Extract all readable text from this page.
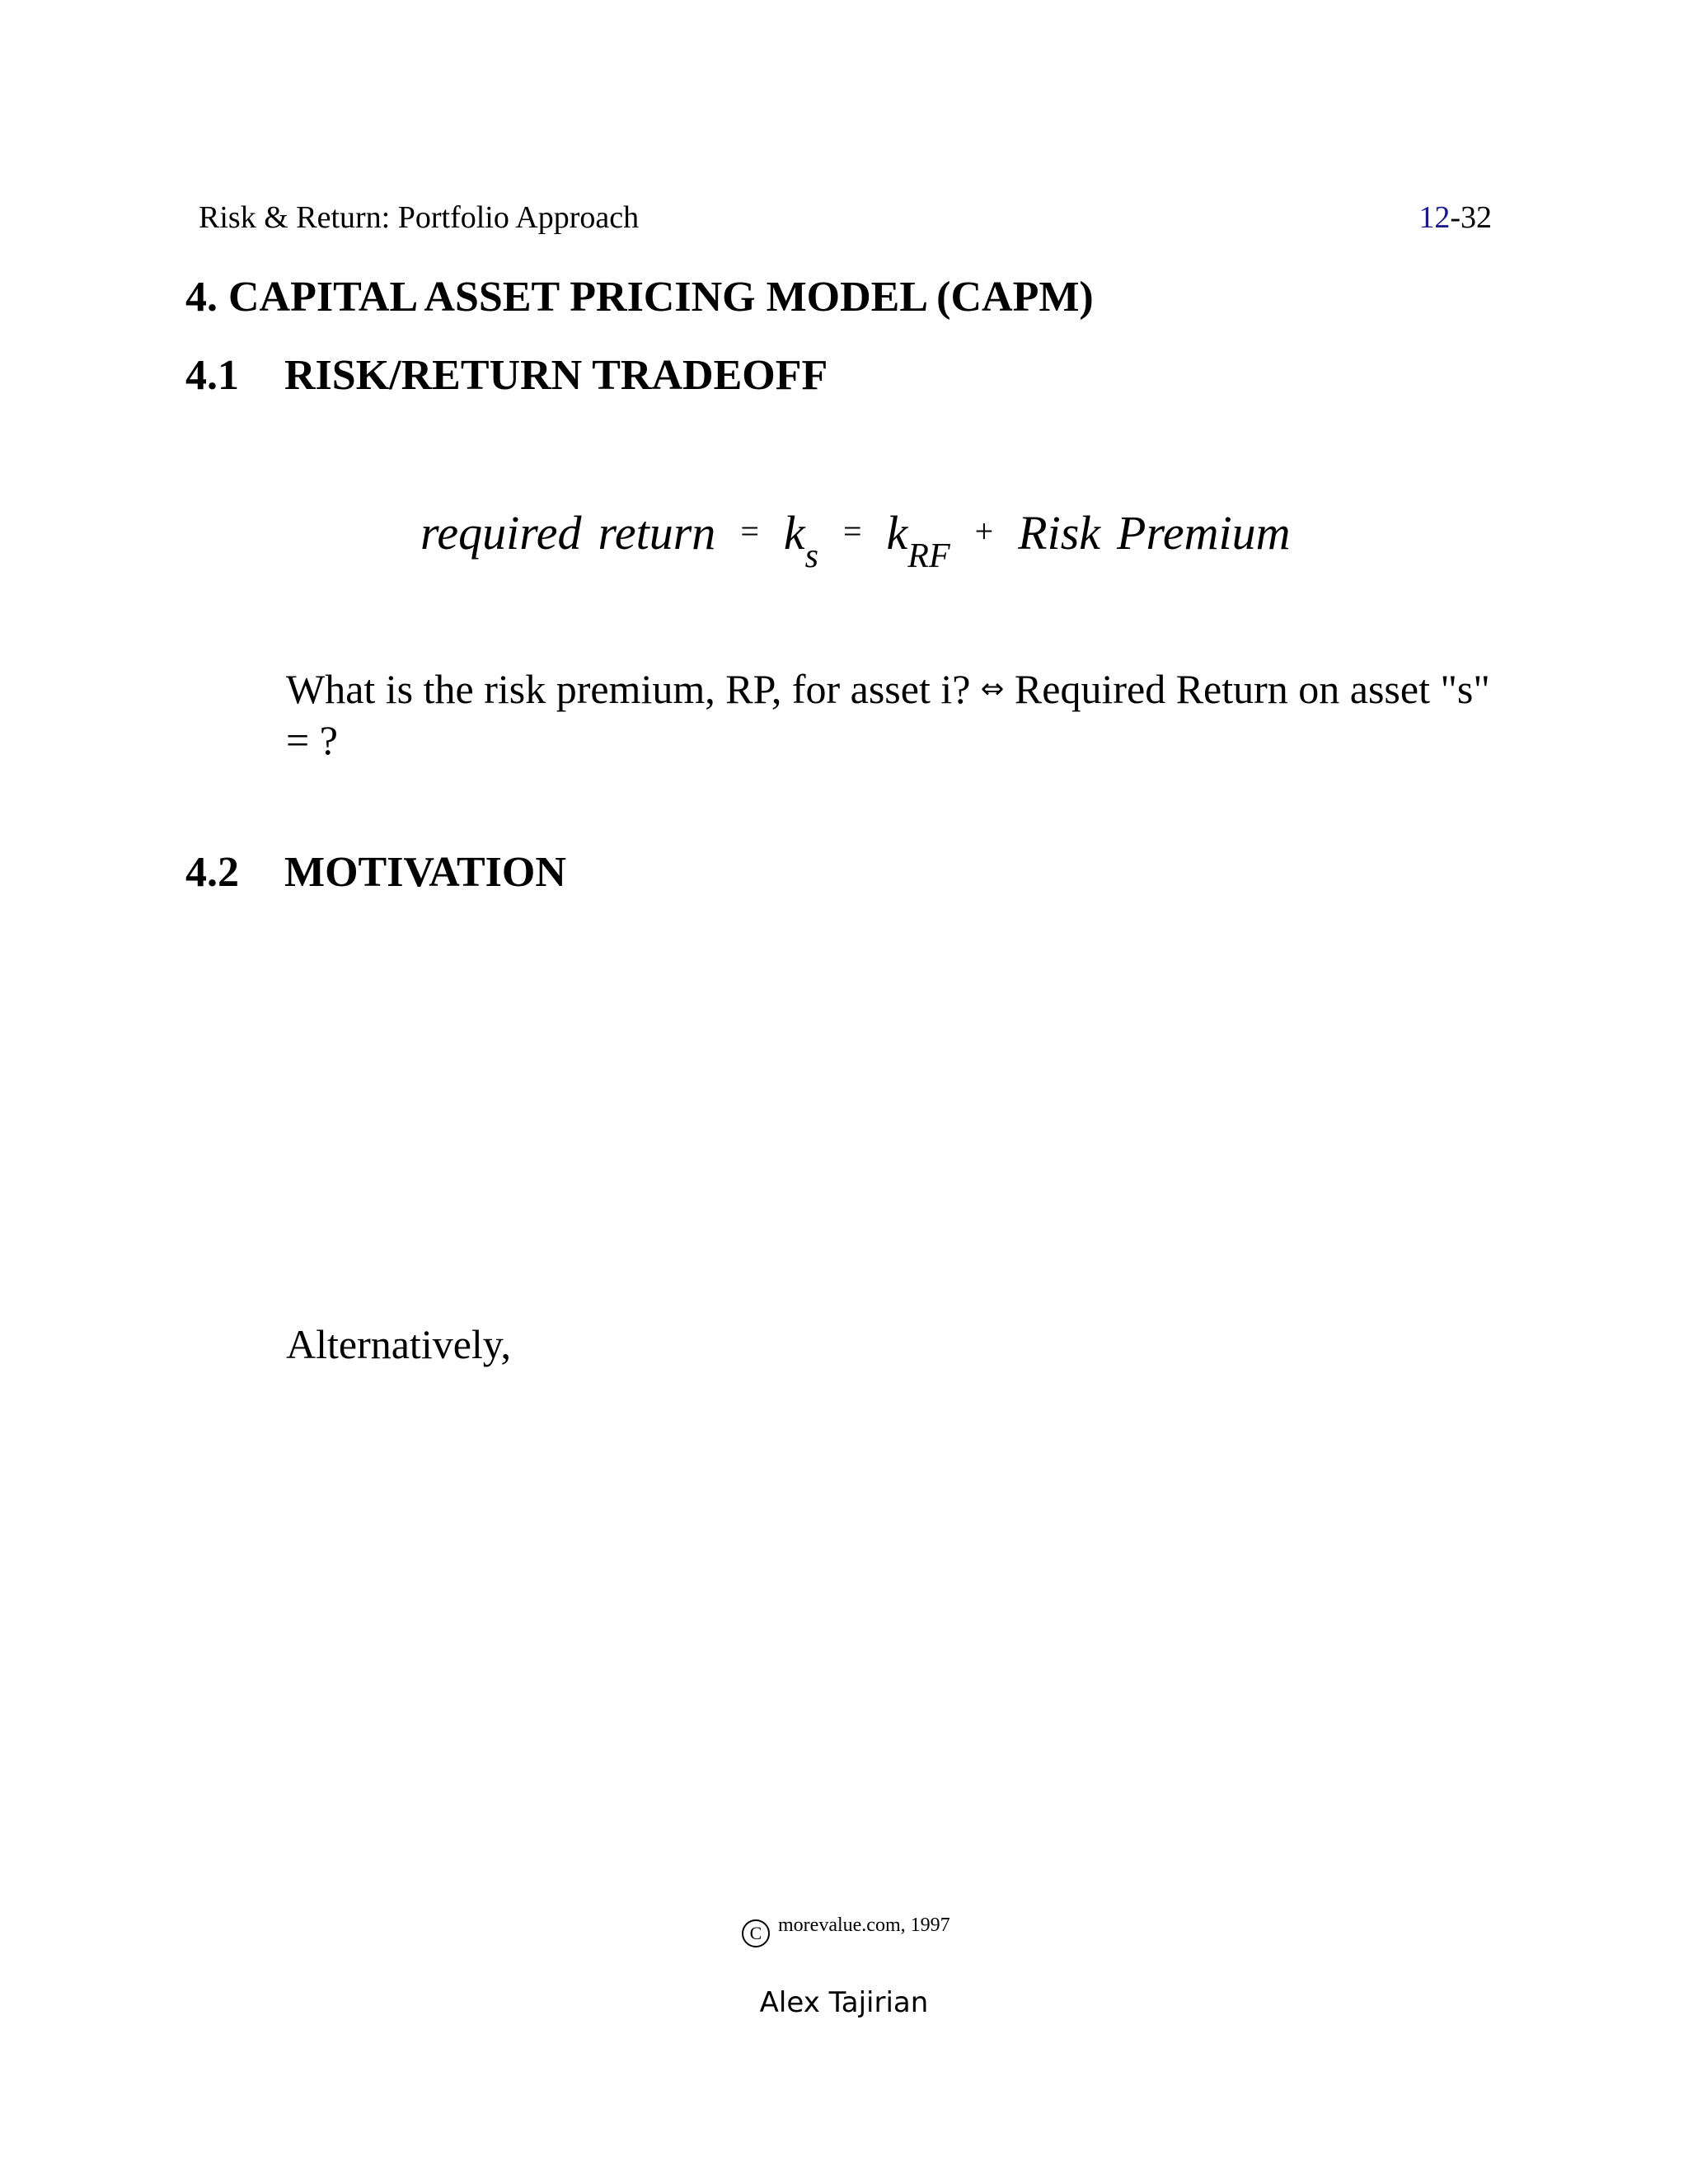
Risk & Return: Portfolio Approach	12-32
4. CAPITAL ASSET PRICING MODEL (CAPM)
4.1 RISK/RETURN TRADEOFF
required return = $k_s= k_{RF}+$ Risk Premium
What is the risk premium, RP, for asset i? ⇔ Required Return on asset "s" = ?
4.2 MOTIVATION
Alternatively,
C morevalue.com, 1997
Alex Tajirian
